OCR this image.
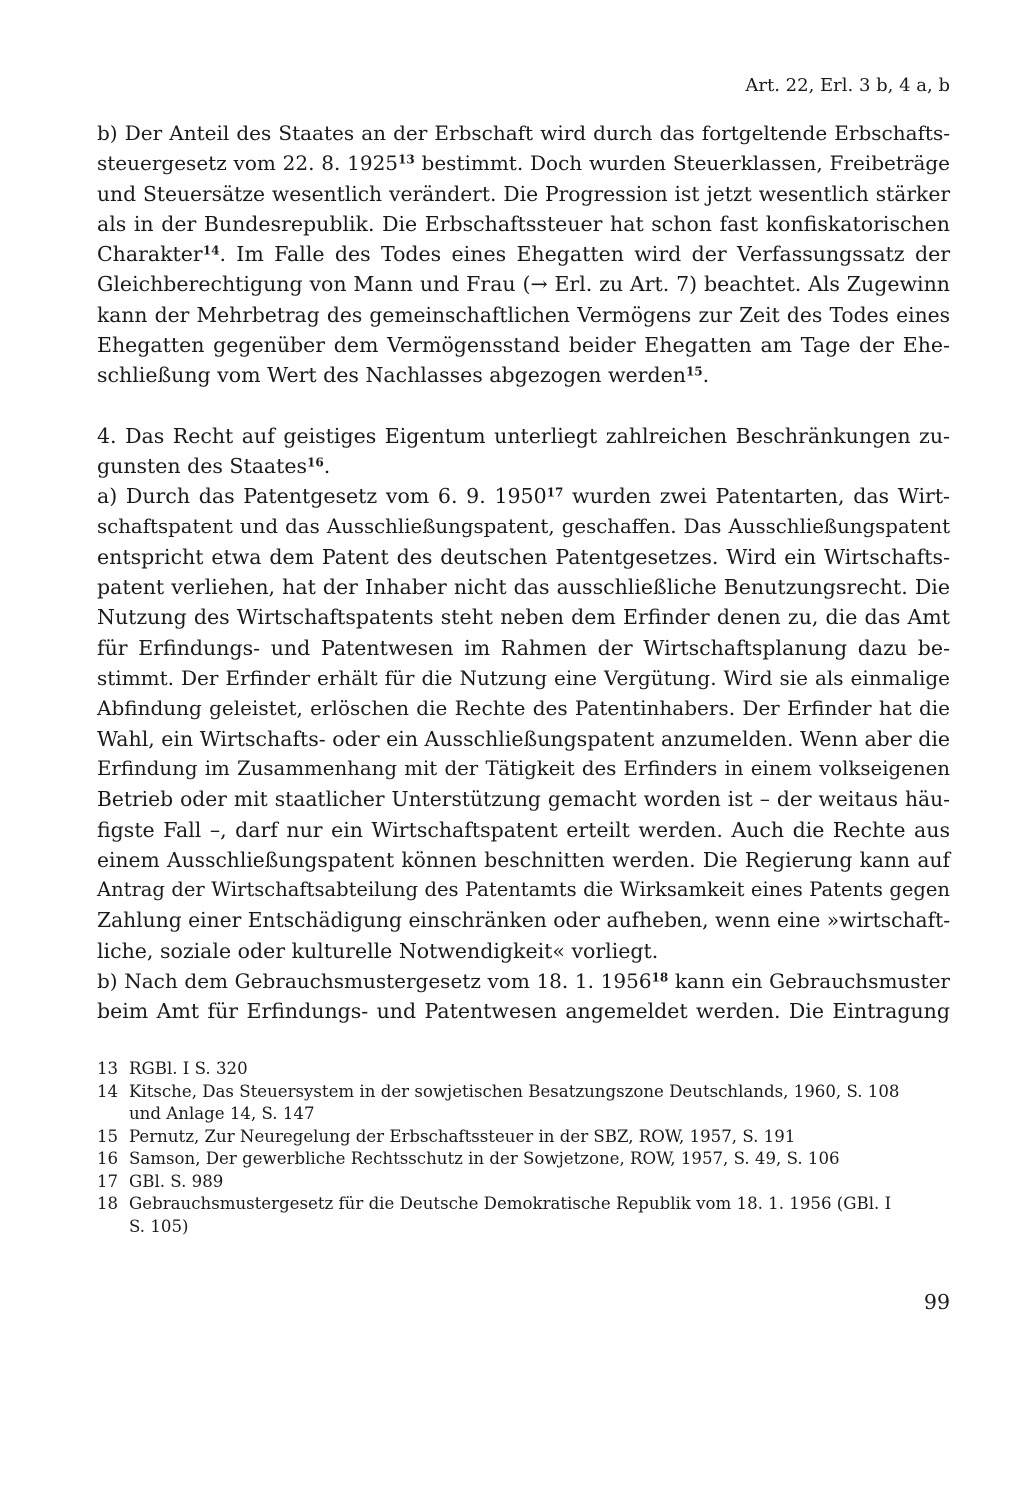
Art. 22, Erl. 3 b, 4 a, b
b) Der Anteil des Staates an der Erbschaft wird durch das fortgeltende Erbschafts-
steuergesetz vom 22. 8. 1925$^{13}$ bestimmt. Doch wurden Steuerklassen, Freibeträge
und Steuersätze wesentlich verändert. Die Progression ist jetzt wesentlich stärker
als in der Bundesrepublik. Die Erbschaftssteuer hat schon fast konfiskatorischen
Charakter$^{14}$. Im Falle des Todes eines Ehegatten wird der Verfassungssatz der
Gleichberechtigung von Mann und Frau (→ Erl. zu Art. 7) beachtet. Als Zugewinn
kann der Mehrbetrag des gemeinschaftlichen Vermögens zur Zeit des Todes eines
Ehegatten gegenüber dem Vermögensstand beider Ehegatten am Tage der Ehe-
schließung vom Wert des Nachlasses abgezogen werden$^{15}$.
4. Das Recht auf geistiges Eigentum unterliegt zahlreichen Beschränkungen zu-
gunsten des Staates$^{16}$.
a) Durch das Patentgesetz vom 6. 9. 1950$^{17}$ wurden zwei Patentarten, das Wirt-
schaftspatent und das Ausschließungspatent, geschaffen. Das Ausschließungspatent
entspricht etwa dem Patent des deutschen Patentgesetzes. Wird ein Wirtschafts-
patent verliehen, hat der Inhaber nicht das ausschließliche Benutzungsrecht. Die
Nutzung des Wirtschaftspatents steht neben dem Erfinder denen zu, die das Amt
für Erfindungs- und Patentwesen im Rahmen der Wirtschaftsplanung dazu be-
stimmt. Der Erfinder erhält für die Nutzung eine Vergütung. Wird sie als einmalige
Abfindung geleistet, erlöschen die Rechte des Patentinhabers. Der Erfinder hat die
Wahl, ein Wirtschafts- oder ein Ausschließungspatent anzumelden. Wenn aber die
Erfindung im Zusammenhang mit der Tätigkeit des Erfinders in einem volkseigenen
Betrieb oder mit staatlicher Unterstützung gemacht worden ist – der weitaus häu-
figste Fall –, darf nur ein Wirtschaftspatent erteilt werden. Auch die Rechte aus
einem Ausschließungspatent können beschnitten werden. Die Regierung kann auf
Antrag der Wirtschaftsabteilung des Patentamts die Wirksamkeit eines Patents gegen
Zahlung einer Entschädigung einschränken oder aufheben, wenn eine »wirtschaft-
liche, soziale oder kulturelle Notwendigkeit« vorliegt.
b) Nach dem Gebrauchsmustergesetz vom 18. 1. 1956$^{18}$ kann ein Gebrauchsmuster
beim Amt für Erfindungs- und Patentwesen angemeldet werden. Die Eintragung
13 RGBl. I S. 320
14 Kitsche, Das Steuersystem in der sowjetischen Besatzungszone Deutschlands, 1960, S. 108
und Anlage 14, S. 147
15 Pernutz, Zur Neuregelung der Erbschaftssteuer in der SBZ, ROW, 1957, S. 191
16 Samson, Der gewerbliche Rechtsschutz in der Sowjetzone, ROW, 1957, S. 49, S. 106
17 GBl. S. 989
18 Gebrauchsmustergesetz für die Deutsche Demokratische Republik vom 18. 1. 1956 (GBl. I
S. 105)
99
